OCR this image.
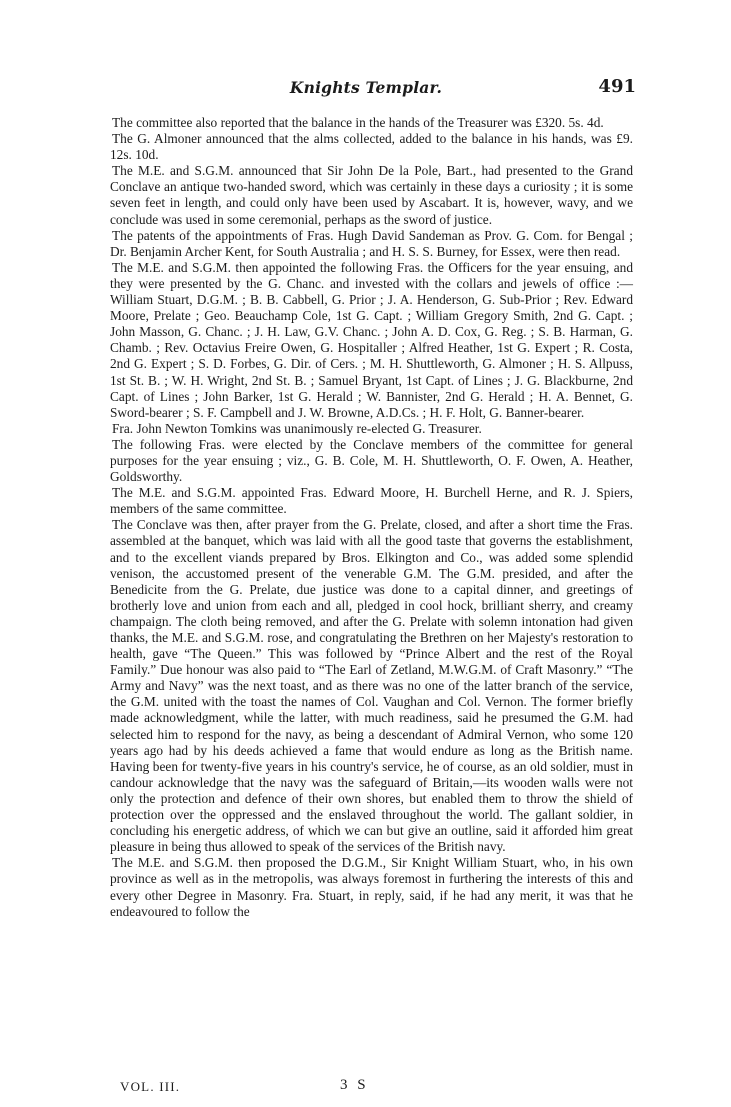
Knights Templar.	491

The committee also reported that the balance in the hands of the Treasurer was £320. 5s. 4d.

The G. Almoner announced that the alms collected, added to the balance in his hands, was £9. 12s. 10d.

The M.E. and S.G.M. announced that Sir John De la Pole, Bart., had presented to the Grand Conclave an antique two-handed sword, which was certainly in these days a curiosity ; it is some seven feet in length, and could only have been used by Ascabart. It is, however, wavy, and we conclude was used in some ceremonial, perhaps as the sword of justice.

The patents of the appointments of Fras. Hugh David Sandeman as Prov. G. Com. for Bengal ; Dr. Benjamin Archer Kent, for South Australia ; and H. S. S. Burney, for Essex, were then read.

The M.E. and S.G.M. then appointed the following Fras. the Officers for the year ensuing, and they were presented by the G. Chanc. and invested with the collars and jewels of office :—William Stuart, D.G.M. ; B. B. Cabbell, G. Prior ; J. A. Henderson, G. Sub-Prior ; Rev. Edward Moore, Prelate ; Geo. Beauchamp Cole, 1st G. Capt. ; William Gregory Smith, 2nd G. Capt. ; John Masson, G. Chanc. ; J. H. Law, G.V. Chanc. ; John A. D. Cox, G. Reg. ; S. B. Harman, G. Chamb. ; Rev. Octavius Freire Owen, G. Hospitaller ; Alfred Heather, 1st G. Expert ; R. Costa, 2nd G. Expert ; S. D. Forbes, G. Dir. of Cers. ; M. H. Shuttleworth, G. Almoner ; H. S. Allpuss, 1st St. B. ; W. H. Wright, 2nd St. B. ; Samuel Bryant, 1st Capt. of Lines ; J. G. Blackburne, 2nd Capt. of Lines ; John Barker, 1st G. Herald ; W. Bannister, 2nd G. Herald ; H. A. Bennet, G. Sword-bearer ; S. F. Campbell and J. W. Browne, A.D.Cs. ; H. F. Holt, G. Banner-bearer.

Fra. John Newton Tomkins was unanimously re-elected G. Treasurer.

The following Fras. were elected by the Conclave members of the committee for general purposes for the year ensuing ; viz., G. B. Cole, M. H. Shuttleworth, O. F. Owen, A. Heather, Goldsworthy.

The M.E. and S.G.M. appointed Fras. Edward Moore, H. Burchell Herne, and R. J. Spiers, members of the same committee.

The Conclave was then, after prayer from the G. Prelate, closed, and after a short time the Fras. assembled at the banquet, which was laid with all the good taste that governs the establishment, and to the excellent viands prepared by Bros. Elkington and Co., was added some splendid venison, the accustomed present of the venerable G.M. The G.M. presided, and after the Benedicite from the G. Prelate, due justice was done to a capital dinner, and greetings of brotherly love and union from each and all, pledged in cool hock, brilliant sherry, and creamy champaign. The cloth being removed, and after the G. Prelate with solemn intonation had given thanks, the M.E. and S.G.M. rose, and congratulating the Brethren on her Majesty's restoration to health, gave “The Queen.” This was followed by “Prince Albert and the rest of the Royal Family.” Due honour was also paid to “The Earl of Zetland, M.W.G.M. of Craft Masonry.” “The Army and Navy” was the next toast, and as there was no one of the latter branch of the service, the G.M. united with the toast the names of Col. Vaughan and Col. Vernon. The former briefly made acknowledgment, while the latter, with much readiness, said he presumed the G.M. had selected him to respond for the navy, as being a descendant of Admiral Vernon, who some 120 years ago had by his deeds achieved a fame that would endure as long as the British name. Having been for twenty-five years in his country's service, he of course, as an old soldier, must in candour acknowledge that the navy was the safeguard of Britain,—its wooden walls were not only the protection and defence of their own shores, but enabled them to throw the shield of protection over the oppressed and the enslaved throughout the world. The gallant soldier, in concluding his energetic address, of which we can but give an outline, said it afforded him great pleasure in being thus allowed to speak of the services of the British navy.

The M.E. and S.G.M. then proposed the D.G.M., Sir Knight William Stuart, who, in his own province as well as in the metropolis, was always foremost in furthering the interests of this and every other Degree in Masonry. Fra. Stuart, in reply, said, if he had any merit, it was that he endeavoured to follow the

VOL. III.	3 S
